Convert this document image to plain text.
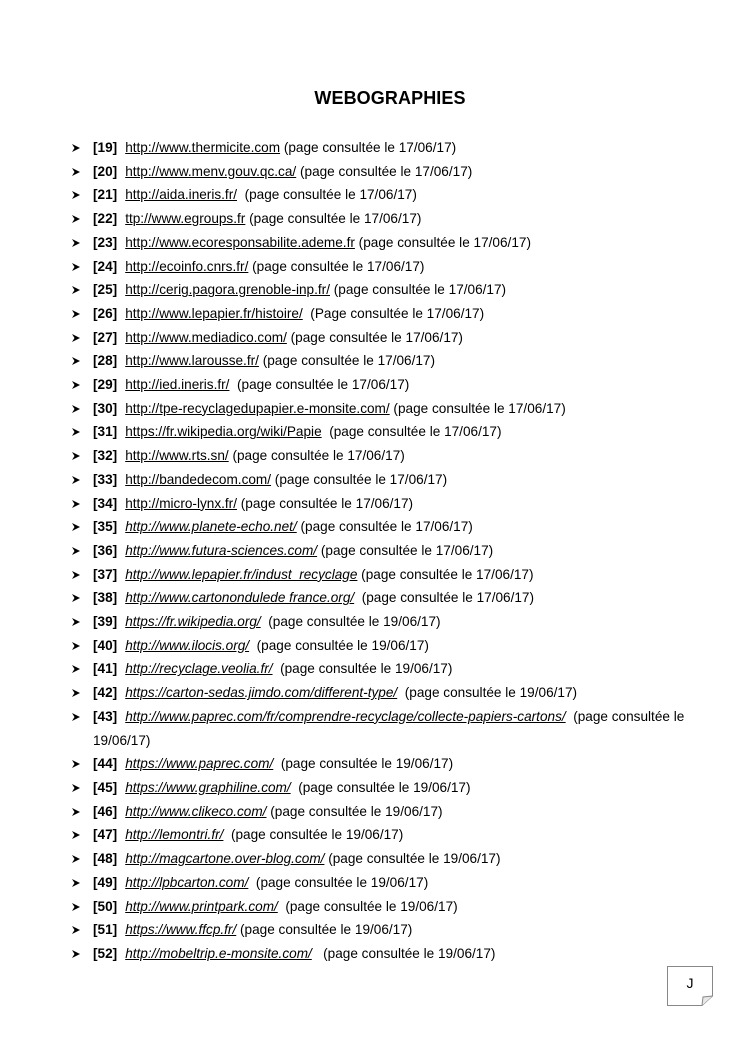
WEBOGRAPHIES
[19] http://www.thermicite.com (page consultée le 17/06/17)
[20] http://www.menv.gouv.qc.ca/ (page consultée le 17/06/17)
[21] http://aida.ineris.fr/  (page consultée le 17/06/17)
[22] ttp://www.egroups.fr (page consultée le 17/06/17)
[23] http://www.ecoresponsabilite.ademe.fr (page consultée le 17/06/17)
[24] http://ecoinfo.cnrs.fr/ (page consultée le 17/06/17)
[25] http://cerig.pagora.grenoble-inp.fr/ (page consultée le 17/06/17)
[26] http://www.lepapier.fr/histoire/  (Page consultée le 17/06/17)
[27] http://www.mediadico.com/ (page consultée le 17/06/17)
[28] http://www.larousse.fr/ (page consultée le 17/06/17)
[29] http://ied.ineris.fr/  (page consultée le 17/06/17)
[30] http://tpe-recyclagedupapier.e-monsite.com/ (page consultée le 17/06/17)
[31] https://fr.wikipedia.org/wiki/Papie  (page consultée le 17/06/17)
[32] http://www.rts.sn/ (page consultée le 17/06/17)
[33] http://bandedecom.com/ (page consultée le 17/06/17)
[34] http://micro-lynx.fr/ (page consultée le 17/06/17)
[35] http://www.planete-echo.net/ (page consultée le 17/06/17)
[36] http://www.futura-sciences.com/ (page consultée le 17/06/17)
[37] http://www.lepapier.fr/indust_recyclage (page consultée le 17/06/17)
[38] http://www.cartonondulede france.org/  (page consultée le 17/06/17)
[39] https://fr.wikipedia.org/  (page consultée le 19/06/17)
[40] http://www.ilocis.org/  (page consultée le 19/06/17)
[41] http://recyclage.veolia.fr/  (page consultée le 19/06/17)
[42] https://carton-sedas.jimdo.com/different-type/  (page consultée le 19/06/17)
[43] http://www.paprec.com/fr/comprendre-recyclage/collecte-papiers-cartons/  (page consultée le
19/06/17)
[44] https://www.paprec.com/  (page consultée le 19/06/17)
[45] https://www.graphiline.com/  (page consultée le 19/06/17)
[46] http://www.clikeco.com/ (page consultée le 19/06/17)
[47] http://lemontri.fr/  (page consultée le 19/06/17)
[48] http://magcartone.over-blog.com/ (page consultée le 19/06/17)
[49] http://lpbcarton.com/  (page consultée le 19/06/17)
[50] http://www.printpark.com/  (page consultée le 19/06/17)
[51] https://www.ffcp.fr/ (page consultée le 19/06/17)
[52] http://mobeltrip.e-monsite.com/   (page consultée le 19/06/17)
J
